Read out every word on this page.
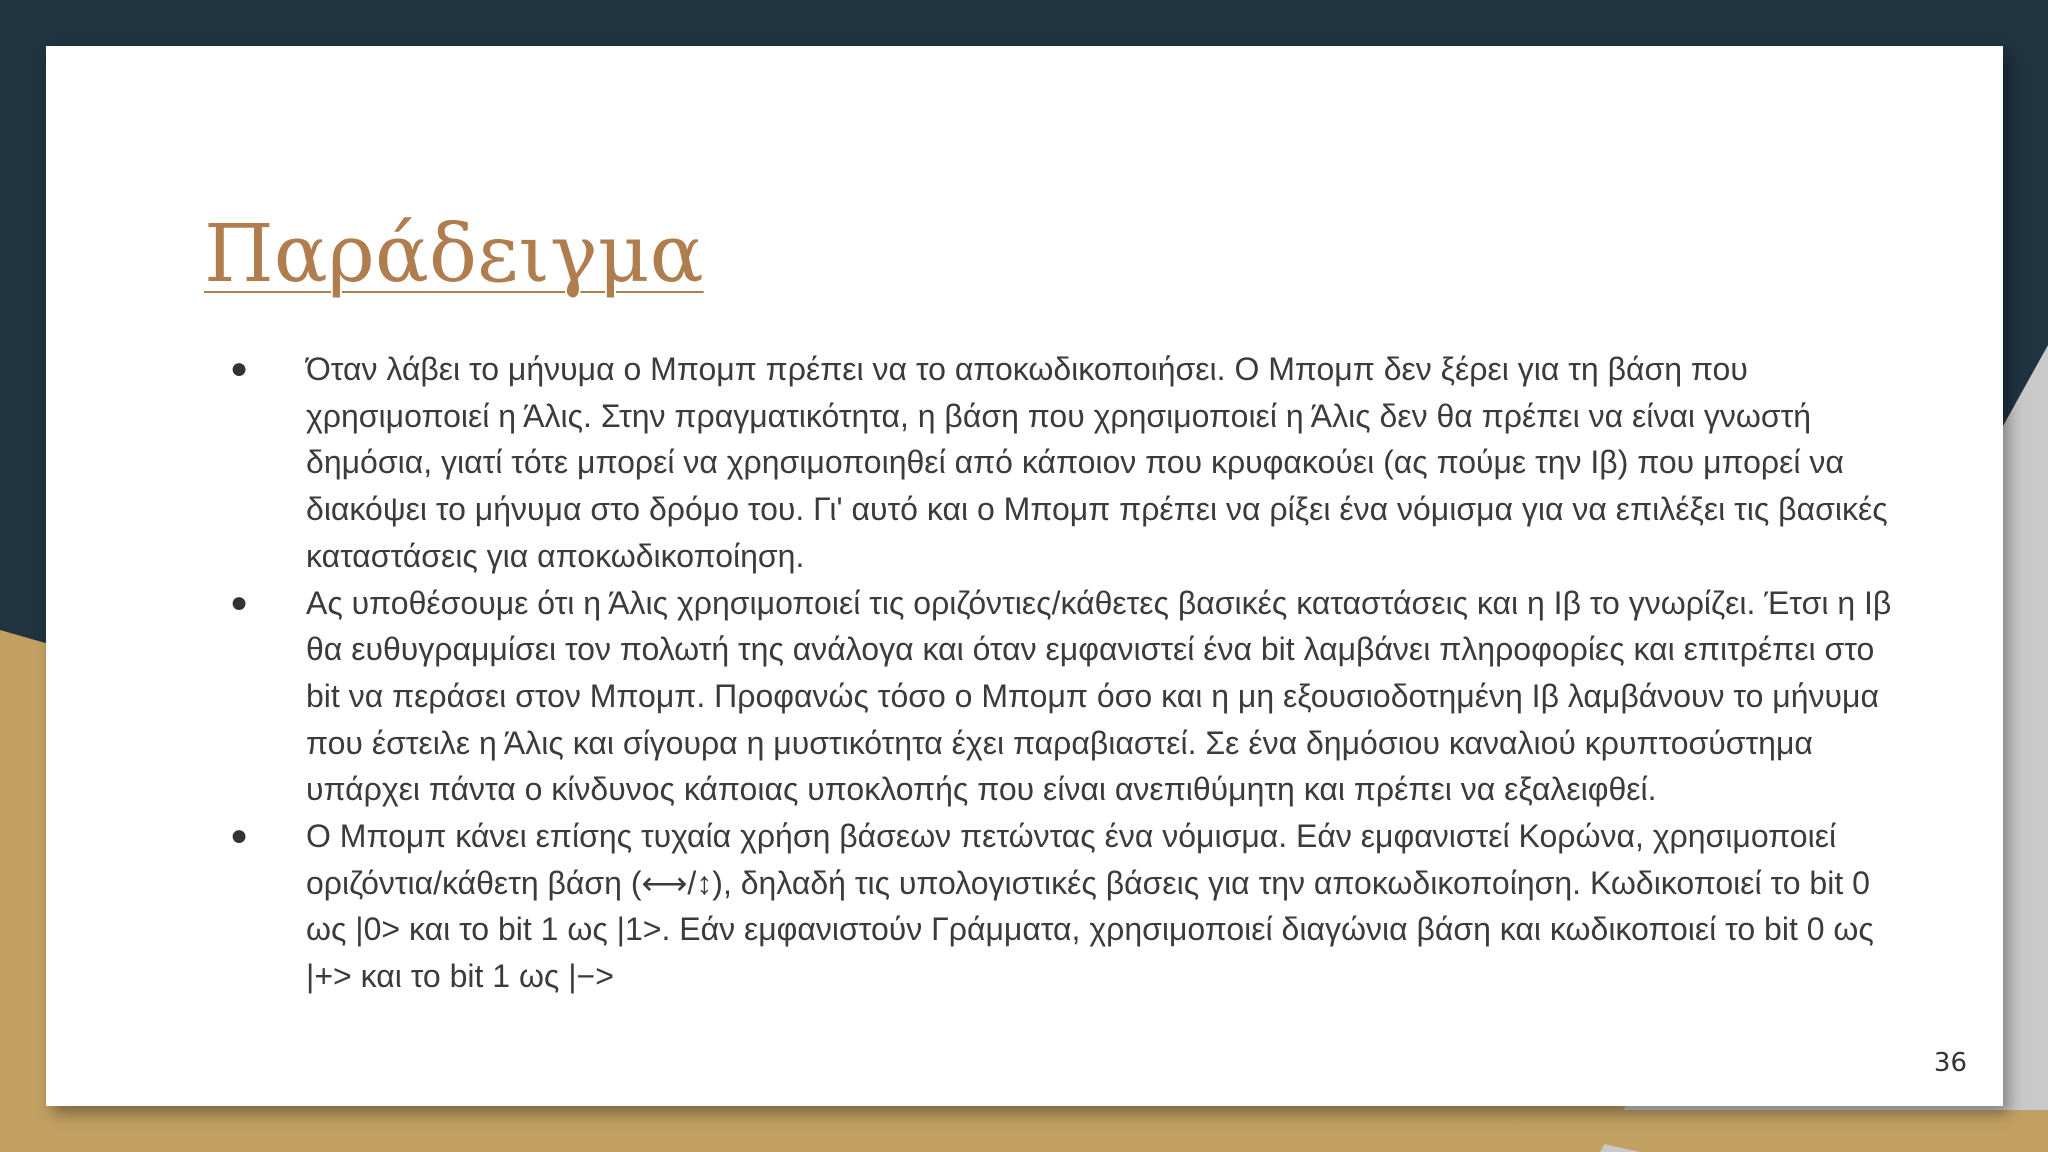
Παράδειγμα
● Όταν λάβει το μήνυμα ο Μπομπ πρέπει να το αποκωδικοποιήσει. Ο Μπομπ δεν ξέρει για τη βάση που χρησιμοποιεί η Άλις. Στην πραγματικότητα, η βάση που χρησιμοποιεί η Άλις δεν θα πρέπει να είναι γνωστή δημόσια, γιατί τότε μπορεί να χρησιμοποιηθεί από κάποιον που κρυφακούει (ας πούμε την Ιβ) που μπορεί να διακόψει το μήνυμα στο δρόμο του. Γι' αυτό και ο Μπομπ πρέπει να ρίξει ένα νόμισμα για να επιλέξει τις βασικές καταστάσεις για αποκωδικοποίηση.
● Ας υποθέσουμε ότι η Άλις χρησιμοποιεί τις οριζόντιες/κάθετες βασικές καταστάσεις και η Ιβ το γνωρίζει. Έτσι η Ιβ θα ευθυγραμμίσει τον πολωτή της ανάλογα και όταν εμφανιστεί ένα bit λαμβάνει πληροφορίες και επιτρέπει στο bit να περάσει στον Μπομπ. Προφανώς τόσο ο Μπομπ όσο και η μη εξουσιοδοτημένη Ιβ λαμβάνουν το μήνυμα που έστειλε η Άλις και σίγουρα η μυστικότητα έχει παραβιαστεί. Σε ένα δημόσιου καναλιού κρυπτοσύστημα υπάρχει πάντα ο κίνδυνος κάποιας υποκλοπής που είναι ανεπιθύμητη και πρέπει να εξαλειφθεί.
● Ο Μπομπ κάνει επίσης τυχαία χρήση βάσεων πετώντας ένα νόμισμα. Εάν εμφανιστεί Κορώνα, χρησιμοποιεί οριζόντια/κάθετη βάση (⟷/↕), δηλαδή τις υπολογιστικές βάσεις για την αποκωδικοποίηση. Κωδικοποιεί το bit 0 ως |0> και το bit 1 ως |1>. Εάν εμφανιστούν Γράμματα, χρησιμοποιεί διαγώνια βάση και κωδικοποιεί το bit 0 ως |+> και το bit 1 ως |−>
36
